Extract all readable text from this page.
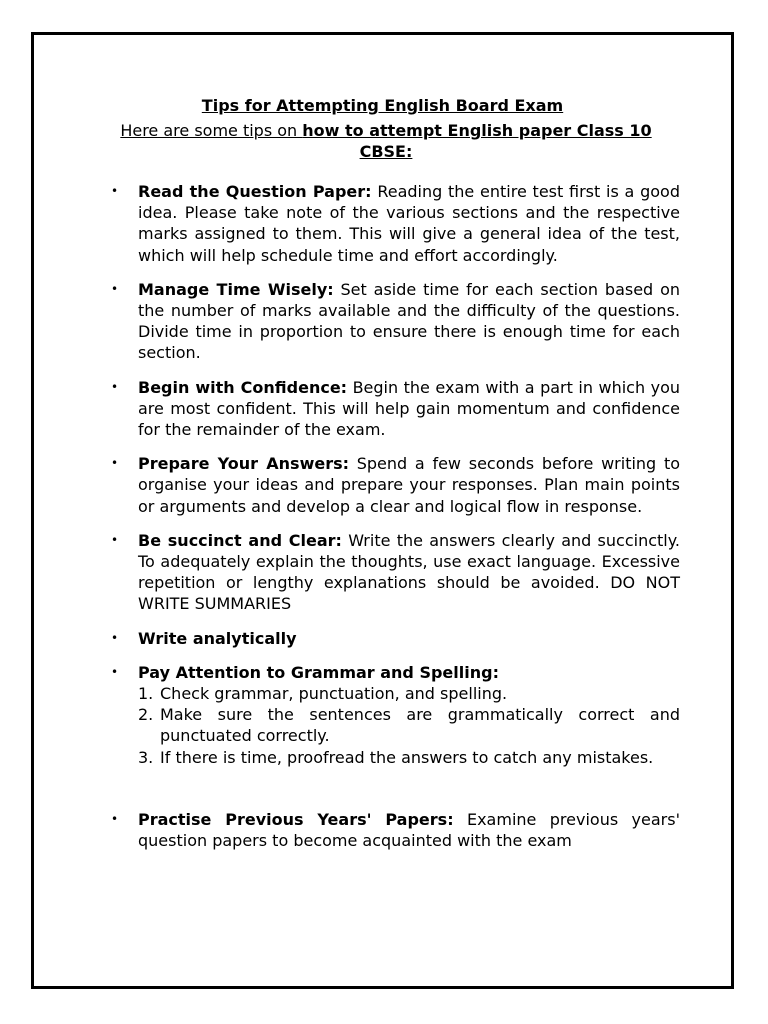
Tips for Attempting English Board Exam
Here are some tips on how to attempt English paper Class 10 CBSE:
• Read the Question Paper: Reading the entire test first is a good idea. Please take note of the various sections and the respective marks assigned to them. This will give a general idea of the test, which will help schedule time and effort accordingly.
• Manage Time Wisely: Set aside time for each section based on the number of marks available and the difficulty of the questions. Divide time in proportion to ensure there is enough time for each section.
• Begin with Confidence: Begin the exam with a part in which you are most confident. This will help gain momentum and confidence for the remainder of the exam.
• Prepare Your Answers: Spend a few seconds before writing to organise your ideas and prepare your responses. Plan main points or arguments and develop a clear and logical flow in response.
• Be succinct and Clear: Write the answers clearly and succinctly. To adequately explain the thoughts, use exact language. Excessive repetition or lengthy explanations should be avoided. DO NOT WRITE SUMMARIES
• Write analytically
• Pay Attention to Grammar and Spelling:
1. Check grammar, punctuation, and spelling.
2. Make sure the sentences are grammatically correct and punctuated correctly.
3. If there is time, proofread the answers to catch any mistakes.
• Practise Previous Years' Papers: Examine previous years' question papers to become acquainted with the exam
